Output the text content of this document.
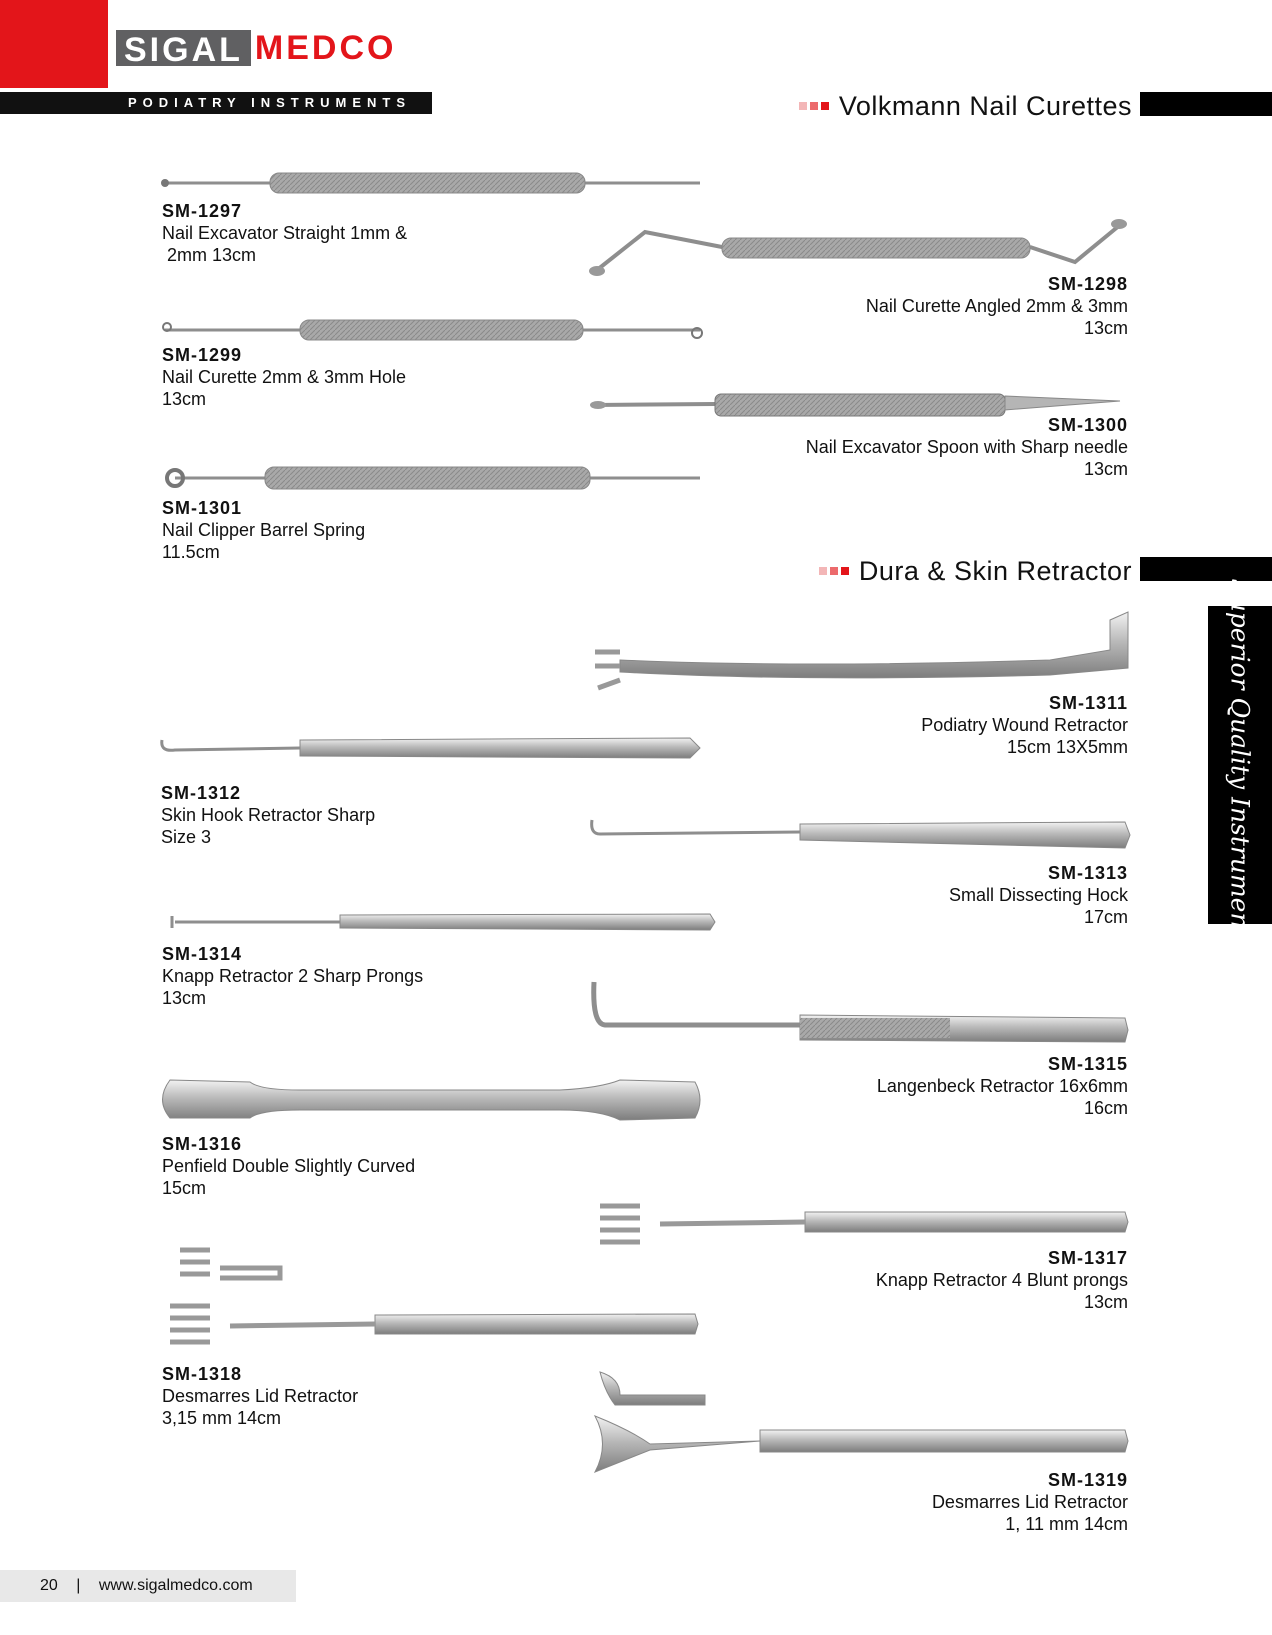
SIGAL MEDCO
PODIATRY INSTRUMENTS	Volkmann Nail Curettes
Dura & Skin Retractor
Superior Quality Instruments
SM-1297
Nail Excavator Straight 1mm &
2mm 13cm
SM-1298
Nail Curette Angled 2mm & 3mm
13cm
SM-1299
Nail Curette 2mm & 3mm Hole
13cm
SM-1300
Nail Excavator Spoon with Sharp needle
13cm
SM-1301
Nail Clipper Barrel Spring
11.5cm
SM-1311
Podiatry Wound Retractor
15cm 13X5mm
SM-1312
Skin Hook Retractor Sharp
Size 3
SM-1313
Small Dissecting Hock
17cm
SM-1314
Knapp Retractor 2 Sharp Prongs
13cm
SM-1315
Langenbeck Retractor 16x6mm
16cm
SM-1316
Penfield Double Slightly Curved
15cm
SM-1317
Knapp Retractor 4 Blunt prongs
13cm
SM-1318
Desmarres Lid Retractor
3,15 mm 14cm
SM-1319
Desmarres Lid Retractor
1, 11 mm 14cm
20 | www.sigalmedco.com
